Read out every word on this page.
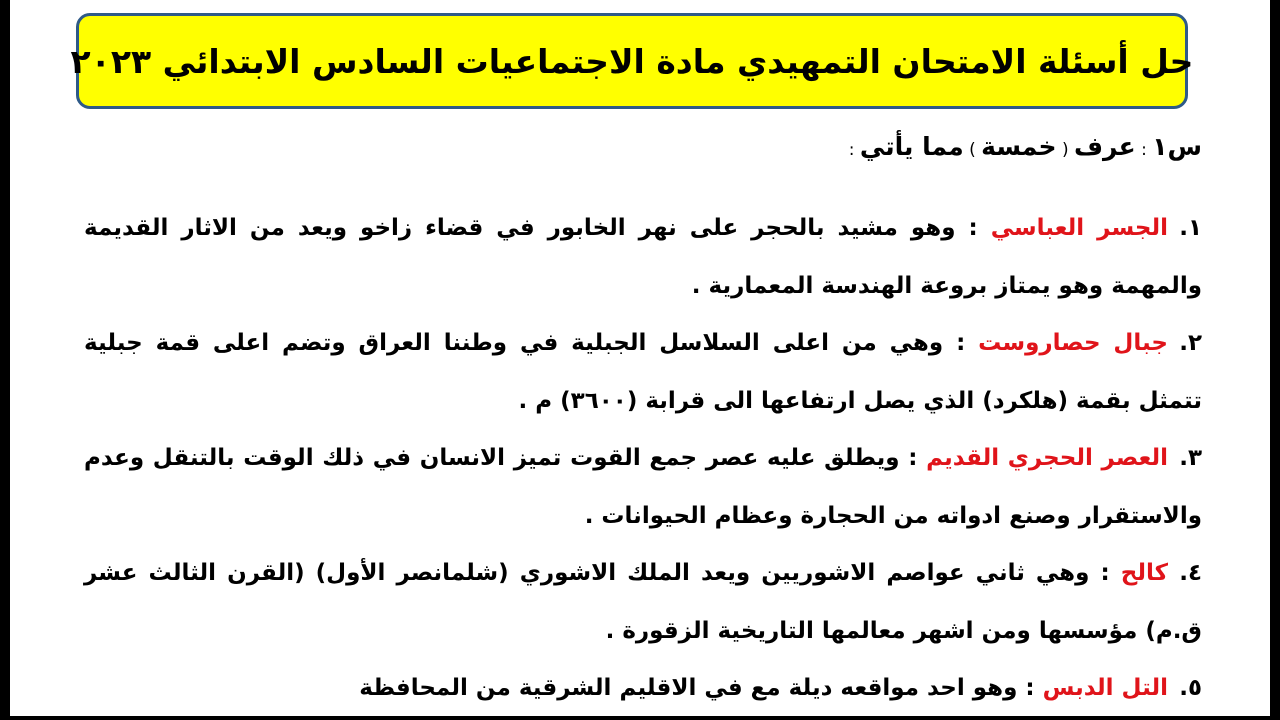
حل أسئلة الامتحان التمهيدي مادة الاجتماعيات السادس الابتدائي ٢٠٢٣
س١ : عرف ( خمسة ) مما يأتي :

١.الجسر العباسي : وهو مشيد بالحجر على نهر الخابور في قضاء زاخو ويعد من الاثار القديمة والمهمة وهو يمتاز بروعة الهندسة المعمارية .

٢.جبال حصاروست : وهي من اعلى السلاسل الجبلية في وطننا العراق وتضم اعلى قمة جبلية تتمثل بقمة (هلكرد) الذي يصل ارتفاعها الى قرابة (٣٦٠٠) م .

٣.العصر الحجري القديم : ويطلق عليه عصر جمع القوت تميز الانسان في ذلك الوقت بالتنقل وعدم والاستقرار وصنع ادواته من الحجارة وعظام الحيوانات .

٤.كالح : وهي ثاني عواصم الاشوريين ويعد الملك الاشوري (شلمانصر الأول) (القرن الثالث عشر ق.م) مؤسسها ومن اشهر معالمها التاريخية الزقورة .

٥.التل الدبس : وهو احد مواقعه ديلة مع في الاقليم الشرقية من المحافظة
